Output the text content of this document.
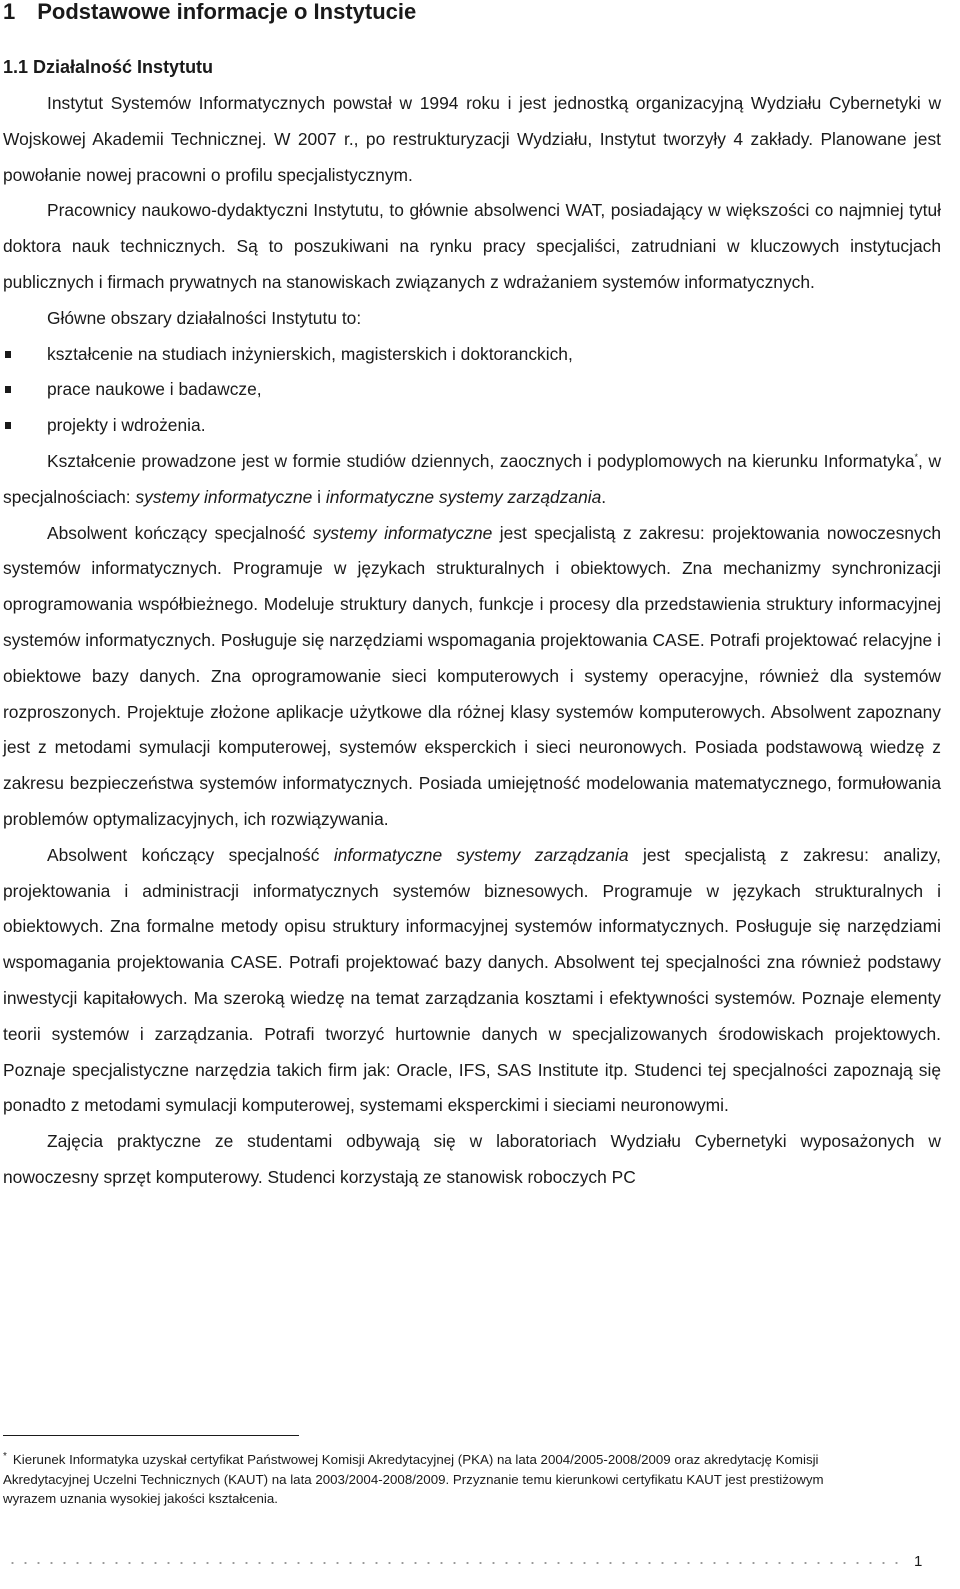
1 Podstawowe informacje o Instytucie
1.1 Działalność Instytutu

Instytut Systemów Informatycznych powstał w 1994 roku i jest jednostką organizacyjną Wydziału Cybernetyki w Wojskowej Akademii Technicznej. W 2007 r., po restrukturyzacji Wydziału, Instytut tworzyły 4 zakłady. Planowane jest powołanie nowej pracowni o profilu specjalistycznym.

Pracownicy naukowo-dydaktyczni Instytutu, to głównie absolwenci WAT, posiadający w większości co najmniej tytuł doktora nauk technicznych. Są to poszukiwani na rynku pracy specjaliści, zatrudniani w kluczowych instytucjach publicznych i firmach prywatnych na stanowiskach związanych z wdrażaniem systemów informatycznych.

Główne obszary działalności Instytutu to:

kształcenie na studiach inżynierskich, magisterskich i doktoranckich,
prace naukowe i badawcze,
projekty i wdrożenia.

Kształcenie prowadzone jest w formie studiów dziennych, zaocznych i podyplomowych na kierunku Informatyka*, w specjalnościach: systemy informatyczne i informatyczne systemy zarządzania.

Absolwent kończący specjalność systemy informatyczne jest specjalistą z zakresu: projektowania nowoczesnych systemów informatycznych. Programuje w językach strukturalnych i obiektowych. Zna mechanizmy synchronizacji oprogramowania współbieżnego. Modeluje struktury danych, funkcje i procesy dla przedstawienia struktury informacyjnej systemów informatycznych. Posługuje się narzędziami wspomagania projektowania CASE. Potrafi projektować relacyjne i obiektowe bazy danych. Zna oprogramowanie sieci komputerowych i systemy operacyjne, również dla systemów rozproszonych. Projektuje złożone aplikacje użytkowe dla różnej klasy systemów komputerowych. Absolwent zapoznany jest z metodami symulacji komputerowej, systemów eksperckich i sieci neuronowych. Posiada podstawową wiedzę z zakresu bezpieczeństwa systemów informatycznych. Posiada umiejętność modelowania matematycznego, formułowania problemów optymalizacyjnych, ich rozwiązywania.

Absolwent kończący specjalność informatyczne systemy zarządzania jest specjalistą z zakresu: analizy, projektowania i administracji informatycznych systemów biznesowych. Programuje w językach strukturalnych i obiektowych. Zna formalne metody opisu struktury informacyjnej systemów informatycznych. Posługuje się narzędziami wspomagania projektowania CASE. Potrafi projektować bazy danych. Absolwent tej specjalności zna również podstawy inwestycji kapitałowych. Ma szeroką wiedzę na temat zarządzania kosztami i efektywności systemów. Poznaje elementy teorii systemów i zarządzania. Potrafi tworzyć hurtownie danych w specjalizowanych środowiskach projektowych. Poznaje specjalistyczne narzędzia takich firm jak: Oracle, IFS, SAS Institute itp. Studenci tej specjalności zapoznają się ponadto z metodami symulacji komputerowej, systemami eksperckimi i sieciami neuronowymi.

Zajęcia praktyczne ze studentami odbywają się w laboratoriach Wydziału Cybernetyki wyposażonych w nowoczesny sprzęt komputerowy. Studenci korzystają ze stanowisk roboczych PC

* Kierunek Informatyka uzyskał certyfikat Państwowej Komisji Akredytacyjnej (PKA) na lata 2004/2005-2008/2009 oraz akredytację Komisji Akredytacyjnej Uczelni Technicznych (KAUT) na lata 2003/2004-2008/2009. Przyznanie temu kierunkowi certyfikatu KAUT jest prestiżowym wyrazem uznania wysokiej jakości kształcenia.
1
